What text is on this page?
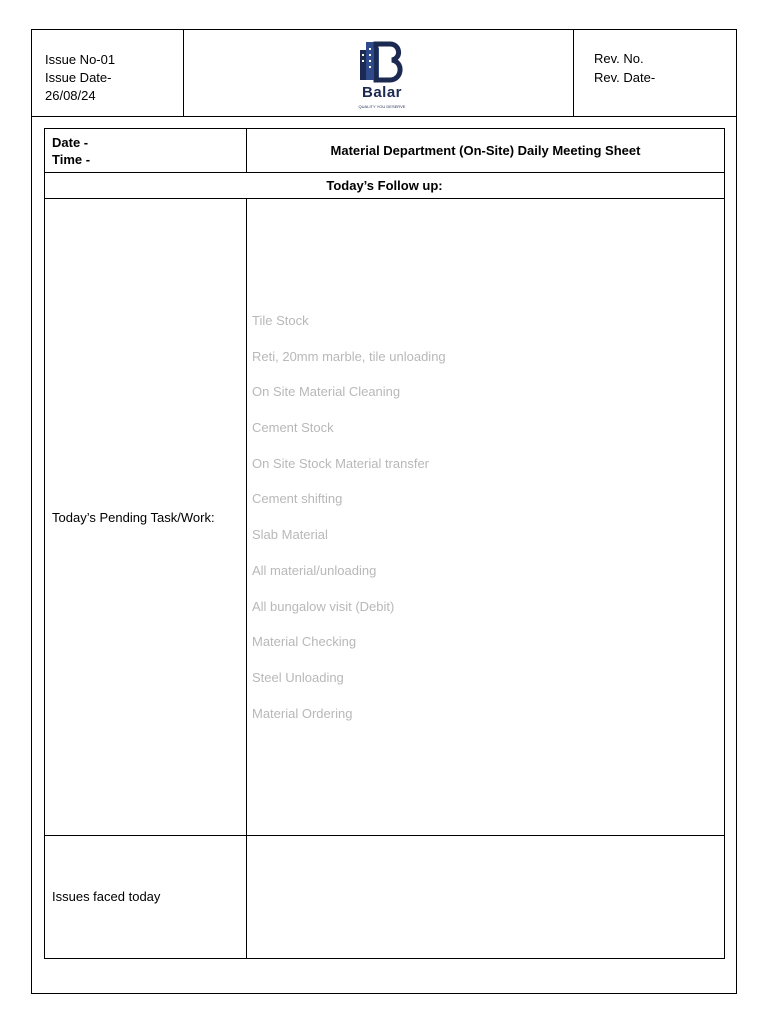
Issue No-01
Issue Date-
26/08/24	Balar
QUALITY YOU DESERVE
Rev. No.
Rev. Date-
Date -
Time -
Material Department (On-Site) Daily Meeting Sheet
Today’s Follow up:
Today’s Pending Task/Work:
Tile Stock
Reti, 20mm marble, tile unloading
On Site Material Cleaning
Cement Stock
On Site Stock Material transfer
Cement shifting
Slab Material
All material/unloading
All bungalow visit (Debit)
Material Checking
Steel Unloading
Material Ordering
Issues faced today
